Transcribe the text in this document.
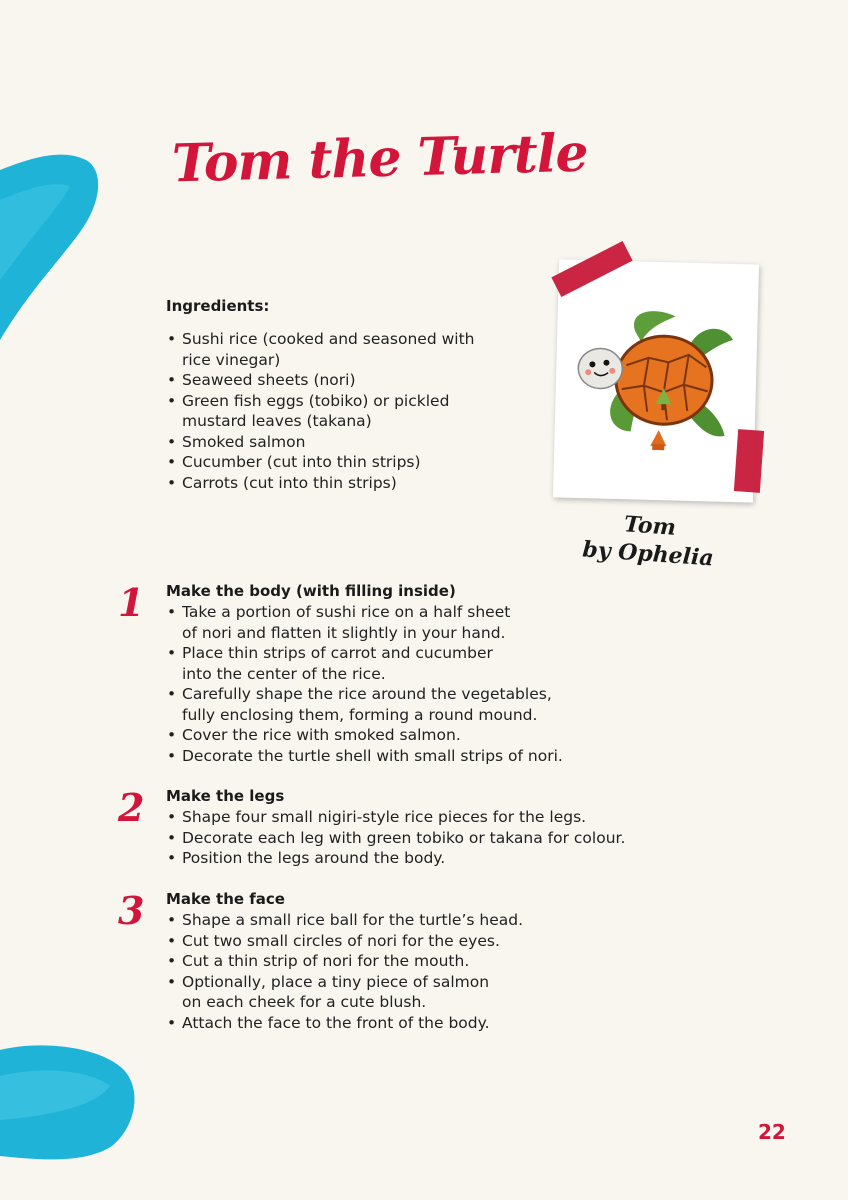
Tom the Turtle
Ingredients:
• Sushi rice (cooked and seasoned with
rice vinegar)
• Seaweed sheets (nori)
• Green fish eggs (tobiko) or pickled
mustard leaves (takana)
• Smoked salmon
• Cucumber (cut into thin strips)
• Carrots (cut into thin strips)
Tom
by Ophelia
1 Make the body (with filling inside)
• Take a portion of sushi rice on a half sheet
of nori and flatten it slightly in your hand.
• Place thin strips of carrot and cucumber
into the center of the rice.
• Carefully shape the rice around the vegetables,
fully enclosing them, forming a round mound.
• Cover the rice with smoked salmon.
• Decorate the turtle shell with small strips of nori.
2 Make the legs
• Shape four small nigiri-style rice pieces for the legs.
• Decorate each leg with green tobiko or takana for colour.
• Position the legs around the body.
3 Make the face
• Shape a small rice ball for the turtle’s head.
• Cut two small circles of nori for the eyes.
• Cut a thin strip of nori for the mouth.
• Optionally, place a tiny piece of salmon
on each cheek for a cute blush.
• Attach the face to the front of the body.
22
